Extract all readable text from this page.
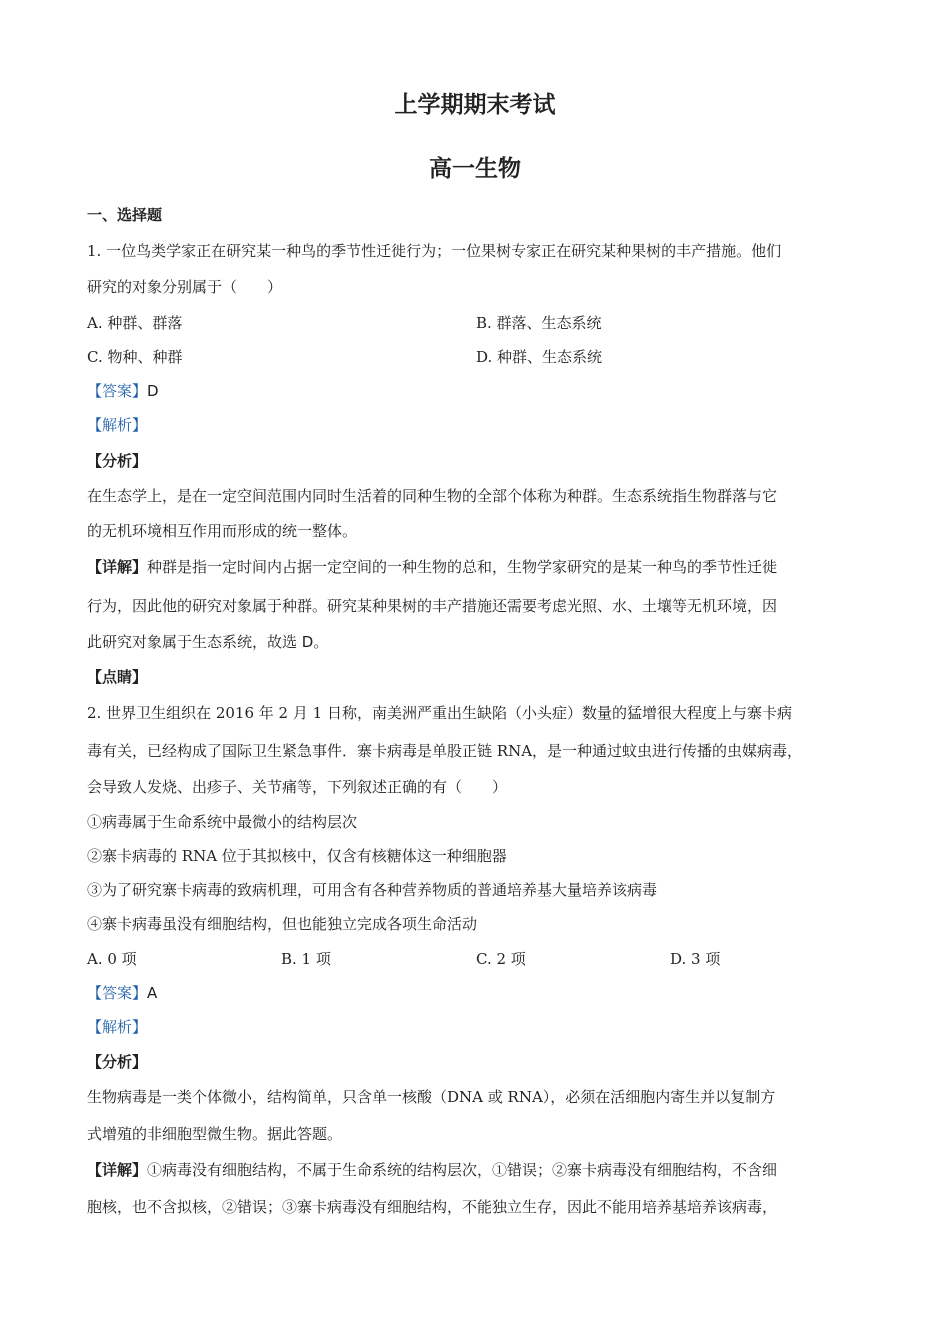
上学期期末考试
高一生物
一、选择题
1. 一位鸟类学家正在研究某一种鸟的季节性迁徙行为；一位果树专家正在研究某种果树的丰产措施。他们
研究的对象分别属于（　　）
A. 种群、群落	B. 群落、生态系统
C. 物种、种群	D. 种群、生态系统
【答案】D
【解析】
【分析】
在生态学上，是在一定空间范围内同时生活着的同种生物的全部个体称为种群。生态系统指生物群落与它
的无机环境相互作用而形成的统一整体。
【详解】种群是指一定时间内占据一定空间的一种生物的总和，生物学家研究的是某一种鸟的季节性迁徙
行为，因此他的研究对象属于种群。研究某种果树的丰产措施还需要考虑光照、水、土壤等无机环境，因
此研究对象属于生态系统，故选 D。
【点睛】
2. 世界卫生组织在 2016 年 2 月 1 日称，南美洲严重出生缺陷（小头症）数量的猛增很大程度上与寨卡病
毒有关，已经构成了国际卫生紧急事件．寨卡病毒是单股正链 RNA，是一种通过蚊虫进行传播的虫媒病毒，
会导致人发烧、出疹子、关节痛等，下列叙述正确的有（　　）
①病毒属于生命系统中最微小的结构层次
②寨卡病毒的 RNA 位于其拟核中，仅含有核糖体这一种细胞器
③为了研究寨卡病毒的致病机理，可用含有各种营养物质的普通培养基大量培养该病毒
④寨卡病毒虽没有细胞结构，但也能独立完成各项生命活动
A. 0 项	B. 1 项	C. 2 项	D. 3 项
【答案】A
【解析】
【分析】
生物病毒是一类个体微小，结构简单，只含单一核酸（DNA 或 RNA），必须在活细胞内寄生并以复制方
式增殖的非细胞型微生物。据此答题。
【详解】①病毒没有细胞结构，不属于生命系统的结构层次，①错误；②寨卡病毒没有细胞结构，不含细
胞核，也不含拟核，②错误；③寨卡病毒没有细胞结构，不能独立生存，因此不能用培养基培养该病毒，
